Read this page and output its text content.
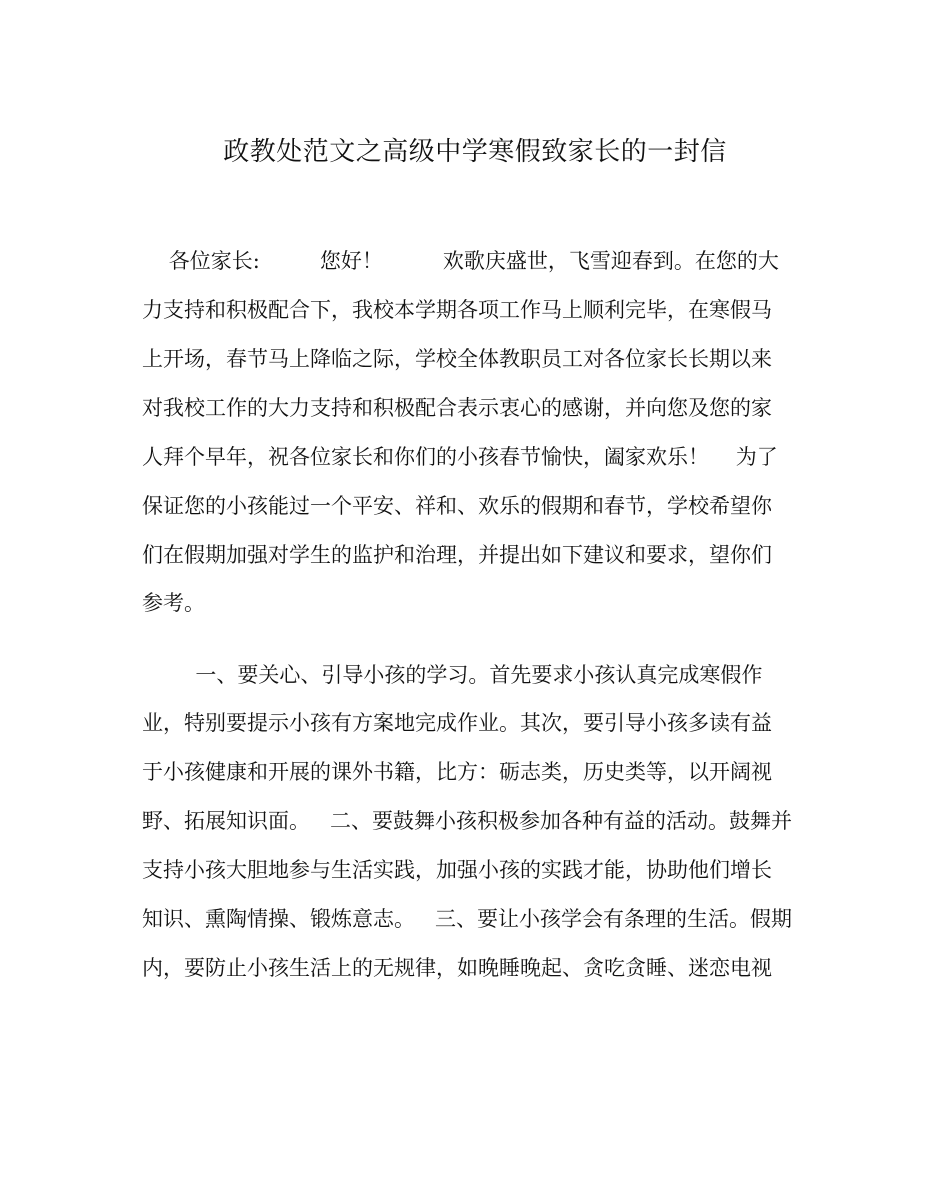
政教处范文之高级中学寒假致家长的一封信
各位家长:         您好！         欢歌庆盛世，飞雪迎春到。在您的大
力支持和积极配合下，我校本学期各项工作马上顺利完毕，在寒假马
上开场，春节马上降临之际，学校全体教职员工对各位家长长期以来
对我校工作的大力支持和积极配合表示衷心的感谢，并向您及您的家
人拜个早年，祝各位家长和你们的小孩春节愉快，阖家欢乐！    为了
保证您的小孩能过一个平安、祥和、欢乐的假期和春节，学校希望你
们在假期加强对学生的监护和治理，并提出如下建议和要求，望你们
参考。
一、要关心、引导小孩的学习。首先要求小孩认真完成寒假作
业，特别要提示小孩有方案地完成作业。其次，要引导小孩多读有益
于小孩健康和开展的课外书籍，比方：砺志类，历史类等，以开阔视
野、拓展知识面。   二、要鼓舞小孩积极参加各种有益的活动。鼓舞并
支持小孩大胆地参与生活实践，加强小孩的实践才能，协助他们增长
知识、熏陶情操、锻炼意志。   三、要让小孩学会有条理的生活。假期
内，要防止小孩生活上的无规律，如晚睡晚起、贪吃贪睡、迷恋电视
